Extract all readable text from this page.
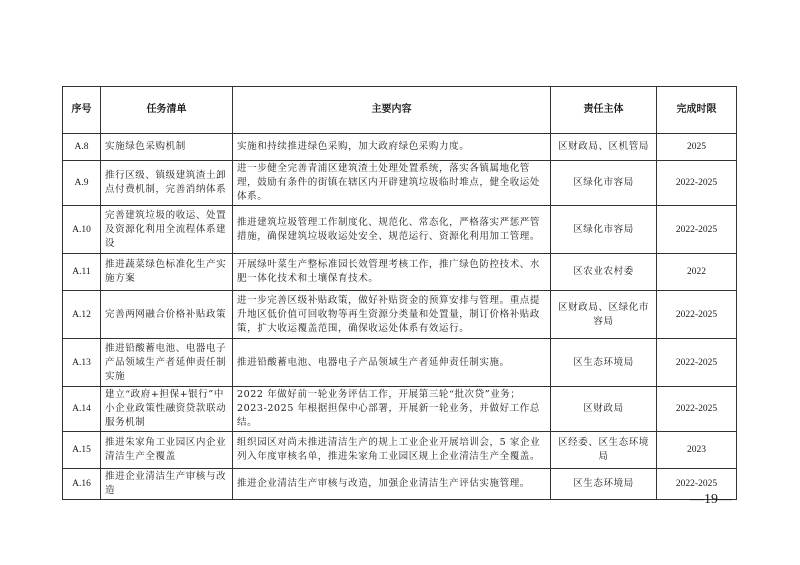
序号	任务清单	主要内容	责任主体	完成时限
A.8	实施绿色采购机制	实施和持续推进绿色采购，加大政府绿色采购力度。	区财政局、区机管局	2025
A.9	推行区级、镇级建筑渣土卸点付费机制，完善消纳体系	进一步健全完善青浦区建筑渣土处理处置系统，落实各镇属地化管理，鼓励有条件的街镇在辖区内开辟建筑垃圾临时堆点，健全收运处体系。	区绿化市容局	2022-2025
A.10	完善建筑垃圾的收运、处置及资源化利用全流程体系建设	推进建筑垃圾管理工作制度化、规范化、常态化，严格落实严惩严管措施，确保建筑垃圾收运处安全、规范运行、资源化利用加工管理。	区绿化市容局	2022-2025
A.11	推进蔬菜绿色标准化生产实施方案	开展绿叶菜生产整标准园长效管理考核工作，推广绿色防控技术、水肥一体化技术和土壤保育技术。	区农业农村委	2022
A.12	完善两网融合价格补贴政策	进一步完善区级补贴政策，做好补贴资金的预算安排与管理。重点提升地区低价值可回收物等再生资源分类量和处置量，制订价格补贴政策，扩大收运覆盖范围，确保收运处体系有效运行。	区财政局、区绿化市容局	2022-2025
A.13	推进铅酸蓄电池、电器电子产品领域生产者延伸责任制实施	推进铅酸蓄电池、电器电子产品领域生产者延伸责任制实施。	区生态环境局	2022-2025
A.14	建立“政府+担保+银行”中小企业政策性融资贷款联动服务机制	2022 年做好前一轮业务评估工作，开展第三轮“批次贷”业务；2023-2025 年根据担保中心部署，开展新一轮业务，并做好工作总结。	区财政局	2022-2025
A.15	推进朱家角工业园区内企业清洁生产全覆盖	组织园区对尚未推进清洁生产的规上工业企业开展培训会，5 家企业列入年度审核名单，推进朱家角工业园区规上企业清洁生产全覆盖。	区经委、区生态环境局	2023
A.16	推进企业清洁生产审核与改造	推进企业清洁生产审核与改造，加强企业清洁生产评估实施管理。	区生态环境局	2022-2025
—19—
